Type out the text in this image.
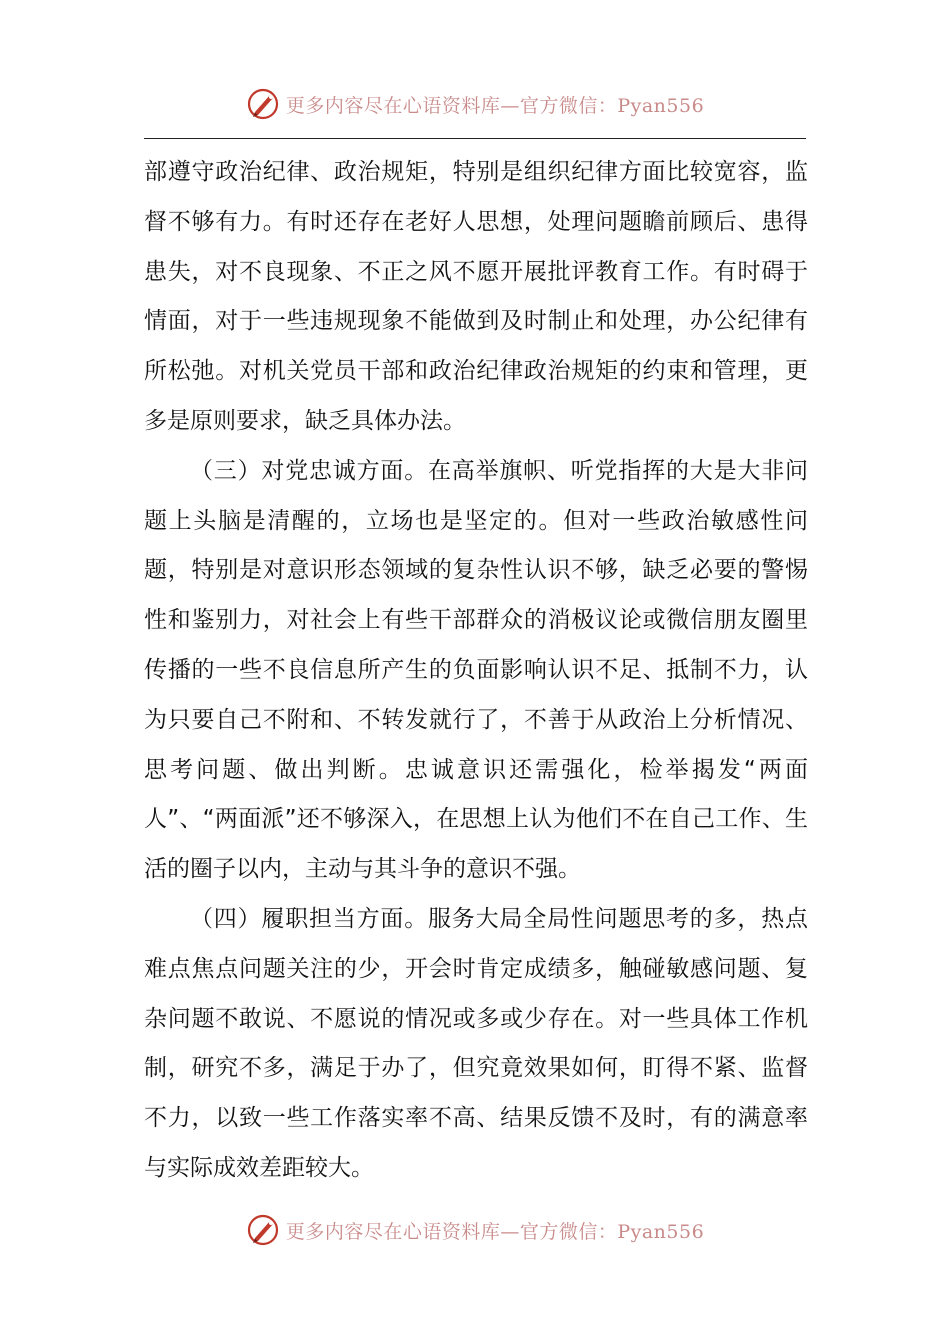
更多内容尽在心语资料库—官方微信：Pyan556

部遵守政治纪律、政治规矩，特别是组织纪律方面比较宽容，监督不够有力。有时还存在老好人思想，处理问题瞻前顾后、患得患失，对不良现象、不正之风不愿开展批评教育工作。有时碍于情面，对于一些违规现象不能做到及时制止和处理，办公纪律有所松弛。对机关党员干部和政治纪律政治规矩的约束和管理，更多是原则要求，缺乏具体办法。

（三）对党忠诚方面。在高举旗帜、听党指挥的大是大非问题上头脑是清醒的，立场也是坚定的。但对一些政治敏感性问题，特别是对意识形态领域的复杂性认识不够，缺乏必要的警惕性和鉴别力，对社会上有些干部群众的消极议论或微信朋友圈里传播的一些不良信息所产生的负面影响认识不足、抵制不力，认为只要自己不附和、不转发就行了，不善于从政治上分析情况、思考问题、做出判断。忠诚意识还需强化，检举揭发“两面人”、“两面派”还不够深入，在思想上认为他们不在自己工作、生活的圈子以内，主动与其斗争的意识不强。

（四）履职担当方面。服务大局全局性问题思考的多，热点难点焦点问题关注的少，开会时肯定成绩多，触碰敏感问题、复杂问题不敢说、不愿说的情况或多或少存在。对一些具体工作机制，研究不多，满足于办了，但究竟效果如何，盯得不紧、监督不力，以致一些工作落实率不高、结果反馈不及时，有的满意率与实际成效差距较大。

更多内容尽在心语资料库—官方微信：Pyan556
